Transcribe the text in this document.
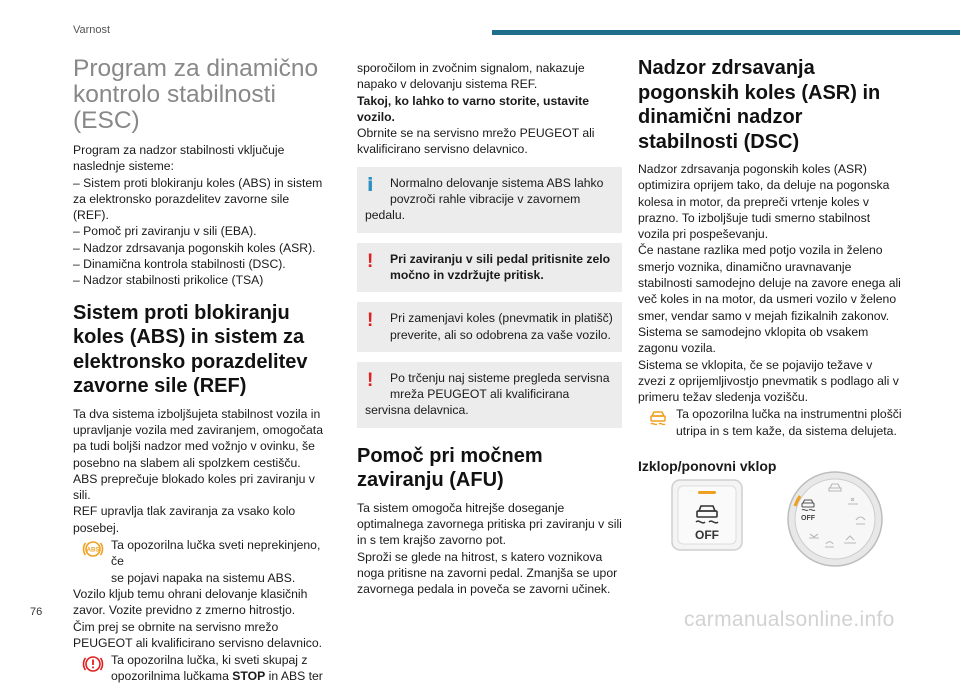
Varnost
Program za dinamično kontrolo stabilnosti (ESC)

Program za nadzor stabilnosti vključuje

naslednje sisteme:

– Sistem proti blokiranju koles (ABS) in sistem

za elektronsko porazdelitev zavorne sile (REF).

– Pomoč pri zaviranju v sili (EBA).

– Nadzor zdrsavanja pogonskih koles (ASR).

– Dinamična kontrola stabilnosti (DSC).

– Nadzor stabilnosti prikolice (TSA)

Sistem proti blokiranju koles (ABS) in sistem za elektronsko porazdelitev zavorne sile (REF)

Ta dva sistema izboljšujeta stabilnost vozila in

upravljanje vozila med zaviranjem, omogočata

pa tudi boljši nadzor med vožnjo v ovinku, še

posebno na slabem ali spolzkem cestišču.

ABS preprečuje blokado koles pri zaviranju v sili.

REF upravlja tlak zaviranja za vsako kolo

posebej.

ABS Ta opozorilna lučka sveti neprekinjeno, če

se pojavi napaka na sistemu ABS.

Vozilo kljub temu ohrani delovanje klasičnih

zavor. Vozite previdno z zmerno hitrostjo.

Čim prej se obrnite na servisno mrežo

PEUGEOT ali kvalificirano servisno delavnico.

Ta opozorilna lučka, ki sveti skupaj z

opozorilnima lučkama STOP in ABS ter

sporočilom in zvočnim signalom, nakazuje

napako v delovanju sistema REF.

Takoj, ko lahko to varno storite, ustavite

vozilo.

Obrnite se na servisno mrežo PEUGEOT ali

kvalificirano servisno delavnico.

i Normalno delovanje sistema ABS lahko

povzroči rahle vibracije v zavornem

pedalu.

! Pri zaviranju v sili pedal pritisnite zelo

močno in vzdržujte pritisk.

! Pri zamenjavi koles (pnevmatik in platišč)

preverite, ali so odobrena za vaše vozilo.

! Po trčenju naj sisteme pregleda servisna

mreža PEUGEOT ali kvalificirana

servisna delavnica.

Pomoč pri močnem zaviranju (AFU)

Ta sistem omogoča hitrejše doseganje

optimalnega zavornega pritiska pri zaviranju v sili

in s tem krajšo zavorno pot.

Sproži se glede na hitrost, s katero voznikova

noga pritisne na zavorni pedal. Zmanjša se upor

zavornega pedala in poveča se zavorni učinek.

Nadzor zdrsavanja pogonskih koles (ASR) in dinamični nadzor stabilnosti (DSC)

Nadzor zdrsavanja pogonskih koles (ASR)

optimizira oprijem tako, da deluje na pogonska

kolesa in motor, da prepreči vrtenje koles v

prazno. To izboljšuje tudi smerno stabilnost

vozila pri pospeševanju.

Če nastane razlika med potjo vozila in želeno

smerjo voznika, dinamično uravnavanje

stabilnosti samodejno deluje na zavore enega ali

več koles in na motor, da usmeri vozilo v želeno

smer, vendar samo v mejah fizikalnih zakonov.

Sistema se samodejno vklopita ob vsakem

zagonu vozila.

Sistema se vklopita, če se pojavijo težave v

zvezi z oprijemljivostjo pnevmatik s podlago ali v

primeru težav sledenja vozišču.

Ta opozorilna lučka na instrumentni plošči

utripa in s tem kaže, da sistema delujeta.

Izklop/ponovni vklop
OFF
OFF
76	carmanualsonline.info
